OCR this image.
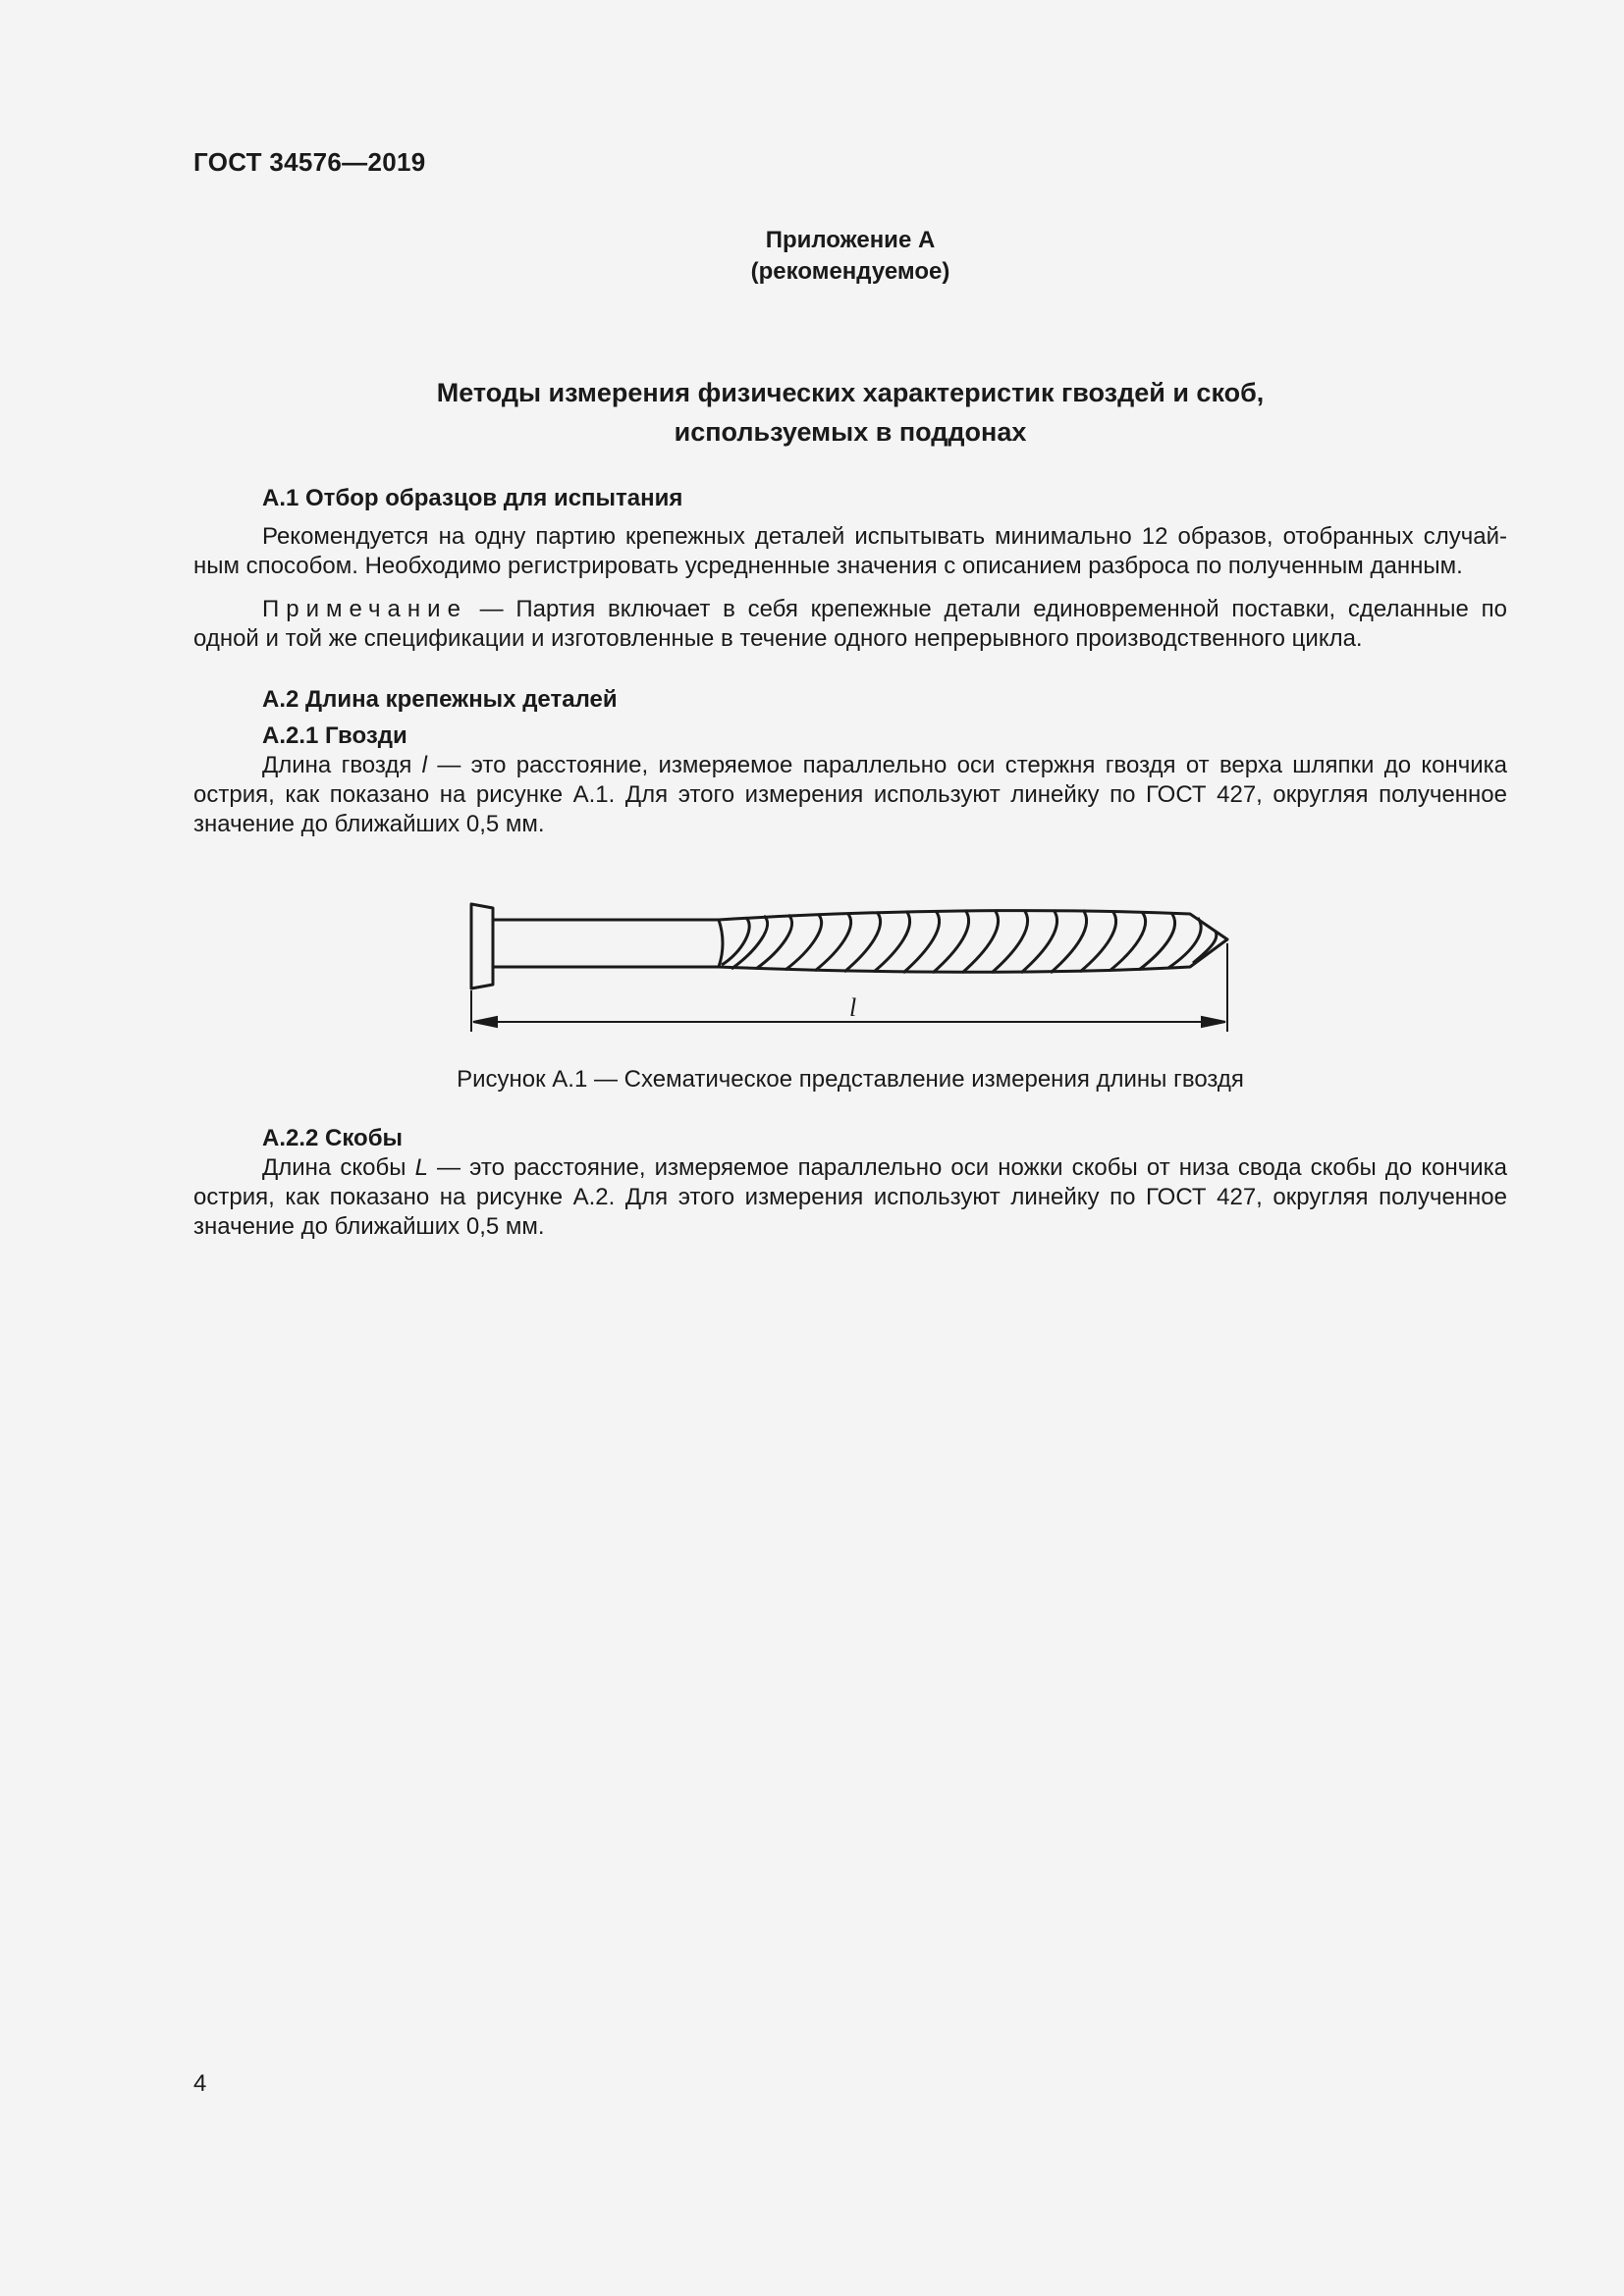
ГОСТ 34576—2019
Приложение А
(рекомендуемое)
Методы измерения физических характеристик гвоздей и скоб,
используемых в поддонах
А.1 Отбор образцов для испытания
Рекомендуется на одну партию крепежных деталей испытывать минимально 12 образов, отобранных случай-
ным способом. Необходимо регистрировать усредненные значения с описанием разброса по полученным данным.
Примечание — Партия включает в себя крепежные детали единовременной поставки, сделанные по
одной и той же спецификации и изготовленные в течение одного непрерывного производственного цикла.
А.2 Длина крепежных деталей
А.2.1 Гвозди
Длина гвоздя l — это расстояние, измеряемое параллельно оси стержня гвоздя от верха шляпки до кончика
острия, как показано на рисунке А.1. Для этого измерения используют линейку по ГОСТ 427, округляя полученное
значение до ближайших 0,5 мм.
l
Рисунок А.1 — Схематическое представление измерения длины гвоздя
А.2.2 Скобы
Длина скобы L — это расстояние, измеряемое параллельно оси ножки скобы от низа свода скобы до кончика
острия, как показано на рисунке А.2. Для этого измерения используют линейку по ГОСТ 427, округляя полученное
значение до ближайших 0,5 мм.
4
